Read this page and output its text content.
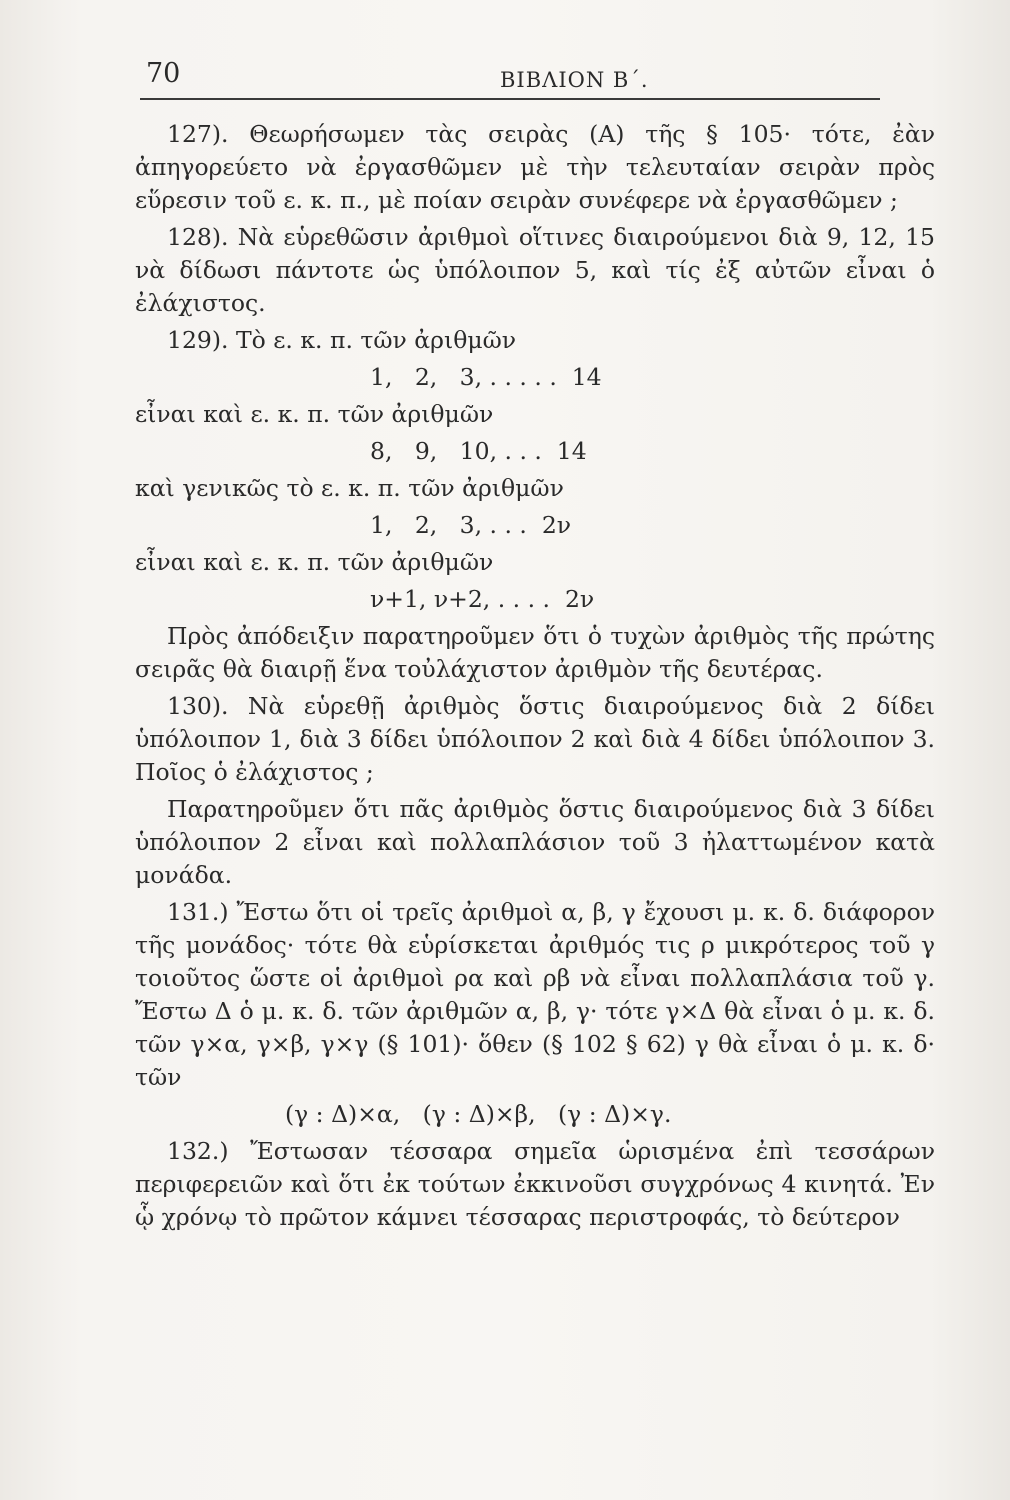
70	ΒΙΒΛΙΟΝ Β΄.

127). Θεωρήσωμεν τὰς σειρὰς (Α) τῆς § 105· τότε, ἐὰν ἀπηγορεύετο νὰ ἐργασθῶμεν μὲ τὴν τελευταίαν σειρὰν πρὸς εὕρεσιν τοῦ ε. κ. π., μὲ ποίαν σειρὰν συνέφερε νὰ ἐργασθῶμεν ;

128). Νὰ εὑρεθῶσιν ἀριθμοὶ οἵτινες διαιρούμενοι διὰ 9, 12, 15 νὰ δίδωσι πάντοτε ὡς ὑπόλοιπον 5, καὶ τίς ἐξ αὐτῶν εἶναι ὁ ἐλάχιστος.

129). Τὸ ε. κ. π. τῶν ἀριθμῶν

1,   2,   3, . . . . .  14

εἶναι καὶ ε. κ. π. τῶν ἀριθμῶν

8,   9,   10, . . .  14

καὶ γενικῶς τὸ ε. κ. π. τῶν ἀριθμῶν

1,   2,   3, . . .  2ν

εἶναι καὶ ε. κ. π. τῶν ἀριθμῶν

ν+1, ν+2, . . . .  2ν

Πρὸς ἀπόδειξιν παρατηροῦμεν ὅτι ὁ τυχὼν ἀριθμὸς τῆς πρώτης σειρᾶς θὰ διαιρῇ ἕνα τοὐλάχιστον ἀριθμὸν τῆς δευτέρας.

130). Νὰ εὑρεθῇ ἀριθμὸς ὅστις διαιρούμενος διὰ 2 δίδει ὑπόλοιπον 1, διὰ 3 δίδει ὑπόλοιπον 2 καὶ διὰ 4 δίδει ὑπόλοιπον 3. Ποῖος ὁ ἐλάχιστος ;

Παρατηροῦμεν ὅτι πᾶς ἀριθμὸς ὅστις διαιρούμενος διὰ 3 δίδει ὑπόλοιπον 2 εἶναι καὶ πολλαπλάσιον τοῦ 3 ἠλαττωμένον κατὰ μονάδα.

131.) Ἔστω ὅτι οἱ τρεῖς ἀριθμοὶ α, β, γ ἔχουσι μ. κ. δ. διάφορον τῆς μονάδος· τότε θὰ εὑρίσκεται ἀριθμός τις ρ μικρότερος τοῦ γ τοιοῦτος ὥστε οἱ ἀριθμοὶ ρα καὶ ρβ νὰ εἶναι πολλαπλάσια τοῦ γ. Ἔστω Δ ὁ μ. κ. δ. τῶν ἀριθμῶν α, β, γ· τότε γ×Δ θὰ εἶναι ὁ μ. κ. δ. τῶν γ×α, γ×β, γ×γ (§ 101)· ὅθεν (§ 102 § 62) γ θὰ εἶναι ὁ μ. κ. δ· τῶν

(γ : Δ)×α,   (γ : Δ)×β,   (γ : Δ)×γ.

132.) Ἔστωσαν τέσσαρα σημεῖα ὡρισμένα ἐπὶ τεσσάρων περιφερειῶν καὶ ὅτι ἐκ τούτων ἐκκινοῦσι συγχρόνως 4 κινητά. Ἐν ᾧ χρόνῳ τὸ πρῶτον κάμνει τέσσαρας περιστροφάς, τὸ δεύτερον
